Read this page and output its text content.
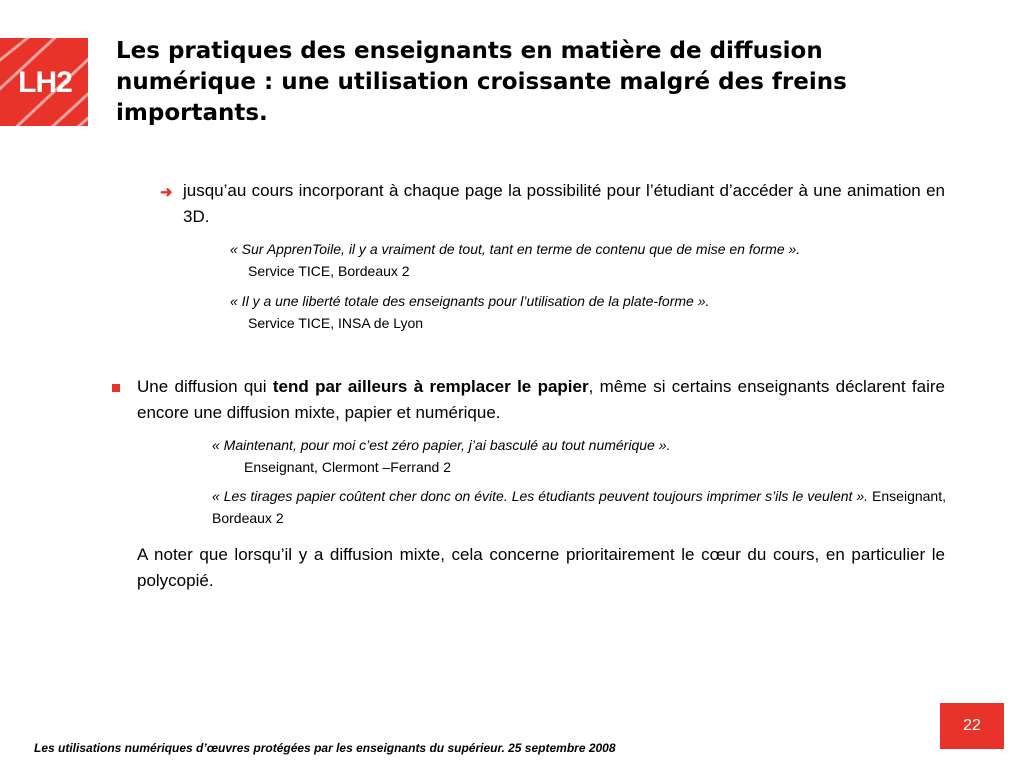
LH2
Les pratiques des enseignants en matière de diffusion numérique : une utilisation croissante malgré des freins importants.
➜ jusqu’au cours incorporant à chaque page la possibilité pour l’étudiant d’accéder à une animation en 3D.
« Sur ApprenToile, il y a vraiment de tout, tant en terme de contenu que de mise en forme ».
Service TICE, Bordeaux 2
« Il y a une liberté totale des enseignants pour l’utilisation de la plate-forme ».
Service TICE, INSA de Lyon
Une diffusion qui tend par ailleurs à remplacer le papier, même si certains enseignants déclarent faire encore une diffusion mixte, papier et numérique.
« Maintenant, pour moi c’est zéro papier, j’ai basculé au tout numérique ».
Enseignant, Clermont –Ferrand 2
« Les tirages papier coûtent cher donc on évite. Les étudiants peuvent toujours imprimer s’ils le veulent ». Enseignant, Bordeaux 2
A noter que lorsqu’il y a diffusion mixte, cela concerne prioritairement le cœur du cours, en particulier le polycopié.
22
Les utilisations numériques d’œuvres protégées par les enseignants du supérieur. 25 septembre 2008
